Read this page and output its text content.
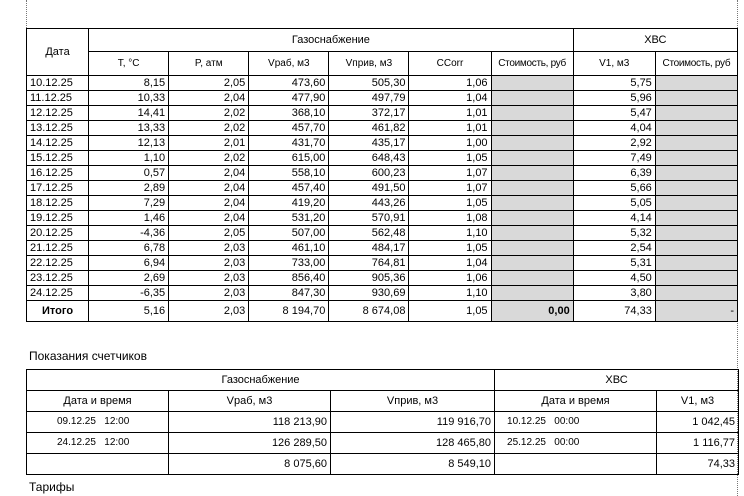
Дата	Газоснабжение						ХВС	
	T, °C	P, атм	Vраб, м3	Vприв, м3	CCorr	Стоимость, руб	V1, м3	Стоимость, руб
10.12.25	8,15	2,05	473,60	505,30	1,06		5,75	
11.12.25	10,33	2,04	477,90	497,79	1,04		5,96	
12.12.25	14,41	2,02	368,10	372,17	1,01		5,47	
13.12.25	13,33	2,02	457,70	461,82	1,01		4,04	
14.12.25	12,13	2,01	431,70	435,17	1,00		2,92	
15.12.25	1,10	2,02	615,00	648,43	1,05		7,49	
16.12.25	0,57	2,04	558,10	600,23	1,07		6,39	
17.12.25	2,89	2,04	457,40	491,50	1,07		5,66	
18.12.25	7,29	2,04	419,20	443,26	1,05		5,05	
19.12.25	1,46	2,04	531,20	570,91	1,08		4,14	
20.12.25	-4,36	2,05	507,00	562,48	1,10		5,32	
21.12.25	6,78	2,03	461,10	484,17	1,05		2,54	
22.12.25	6,94	2,03	733,00	764,81	1,04		5,31	
23.12.25	2,69	2,03	856,40	905,36	1,06		4,50	
24.12.25	-6,35	2,03	847,30	930,69	1,10		3,80	
Итого	5,16	2,03	8 194,70	8 674,08	1,05	0,00	74,33	-
Показания счетчиков
Газоснабжение			ХВС	
Дата и время	Vраб, м3	Vприв, м3	Дата и время	V1, м3
09.12.25   12:00	118 213,90	119 916,70	10.12.25   00:00	1 042,45
24.12.25   12:00	126 289,50	128 465,80	25.12.25   00:00	1 116,77
	8 075,60	8 549,10		74,33
Тарифы
